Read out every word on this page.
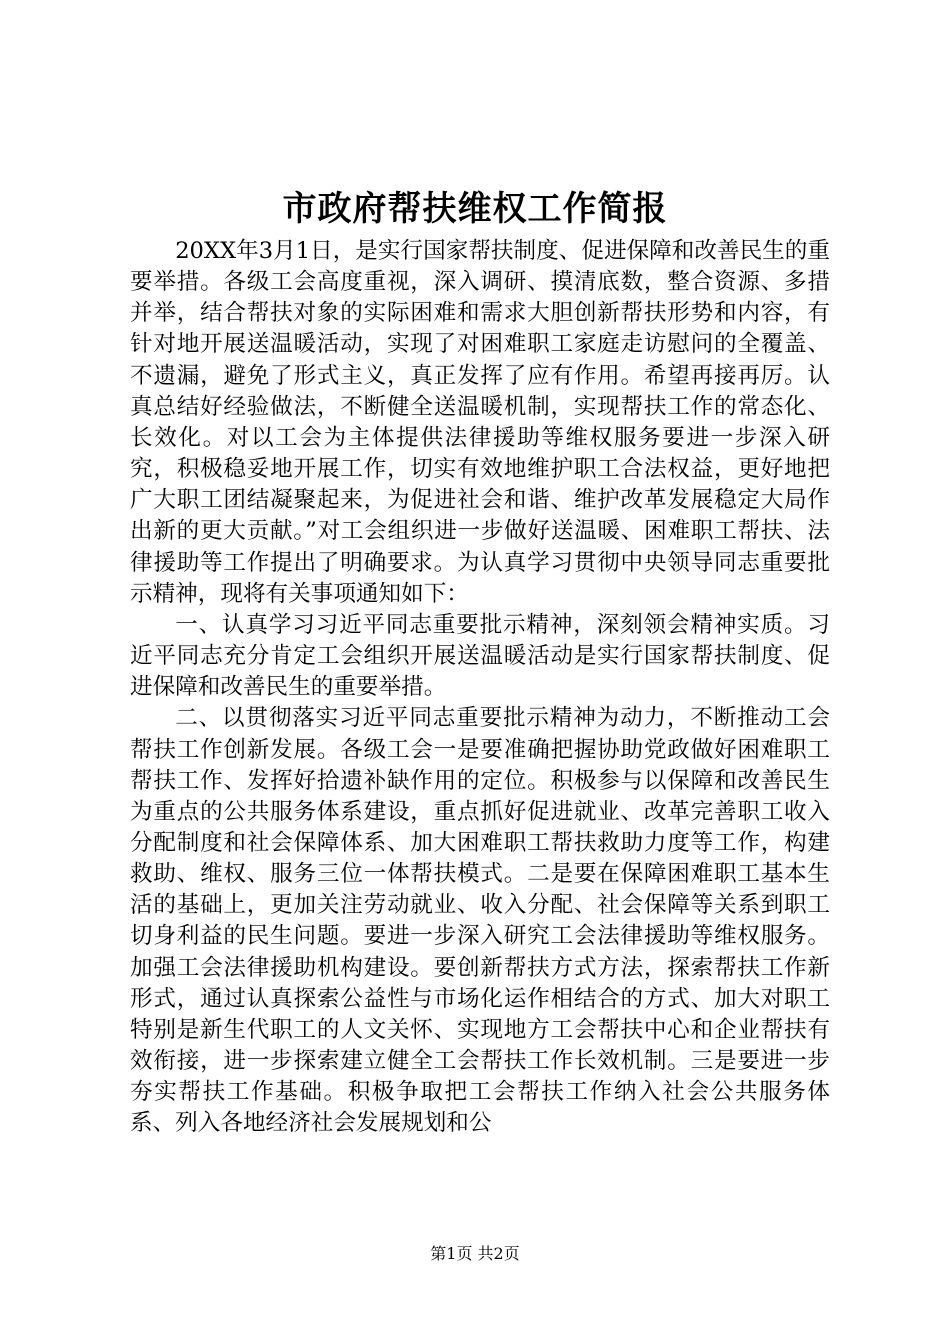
市政府帮扶维权工作简报

20XX年3月1日，是实行国家帮扶制度、促进保障和改善民生的重要举措。各级工会高度重视，深入调研、摸清底数，整合资源、多措并举，结合帮扶对象的实际困难和需求大胆创新帮扶形势和内容，有针对地开展送温暖活动，实现了对困难职工家庭走访慰问的全覆盖、不遗漏，避免了形式主义，真正发挥了应有作用。希望再接再厉。认真总结好经验做法，不断健全送温暖机制，实现帮扶工作的常态化、长效化。对以工会为主体提供法律援助等维权服务要进一步深入研究，积极稳妥地开展工作，切实有效地维护职工合法权益，更好地把广大职工团结凝聚起来，为促进社会和谐、维护改革发展稳定大局作出新的更大贡献。”对工会组织进一步做好送温暖、困难职工帮扶、法律援助等工作提出了明确要求。为认真学习贯彻中央领导同志重要批示精神，现将有关事项通知如下：

一、认真学习习近平同志重要批示精神，深刻领会精神实质。习近平同志充分肯定工会组织开展送温暖活动是实行国家帮扶制度、促进保障和改善民生的重要举措。

二、以贯彻落实习近平同志重要批示精神为动力，不断推动工会帮扶工作创新发展。各级工会一是要准确把握协助党政做好困难职工帮扶工作、发挥好拾遗补缺作用的定位。积极参与以保障和改善民生为重点的公共服务体系建设，重点抓好促进就业、改革完善职工收入分配制度和社会保障体系、加大困难职工帮扶救助力度等工作，构建救助、维权、服务三位一体帮扶模式。二是要在保障困难职工基本生活的基础上，更加关注劳动就业、收入分配、社会保障等关系到职工切身利益的民生问题。要进一步深入研究工会法律援助等维权服务。加强工会法律援助机构建设。要创新帮扶方式方法，探索帮扶工作新形式，通过认真探索公益性与市场化运作相结合的方式、加大对职工特别是新生代职工的人文关怀、实现地方工会帮扶中心和企业帮扶有效衔接，进一步探索建立健全工会帮扶工作长效机制。三是要进一步夯实帮扶工作基础。积极争取把工会帮扶工作纳入社会公共服务体系、列入各地经济社会发展规划和公

第1页 共2页
